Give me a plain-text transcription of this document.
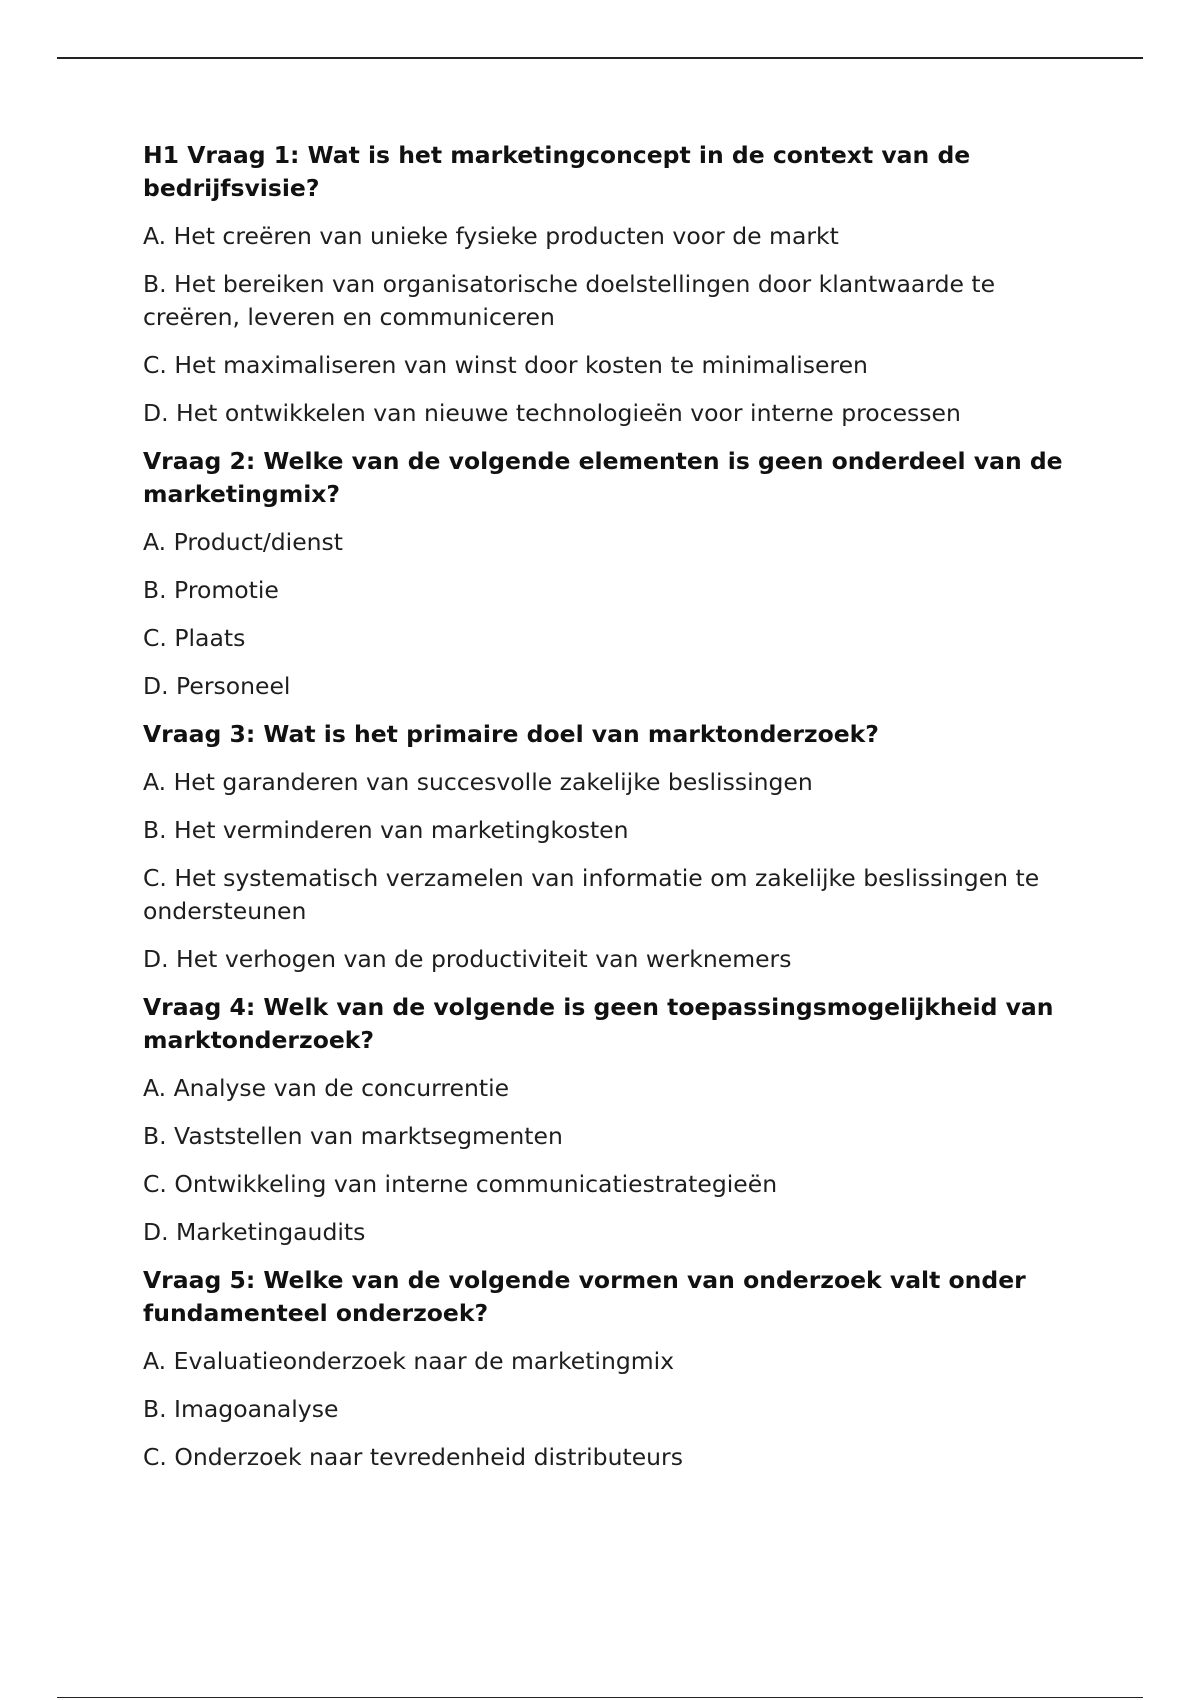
H1 Vraag 1: Wat is het marketingconcept in de context van de bedrijfsvisie?
A. Het creëren van unieke fysieke producten voor de markt
B. Het bereiken van organisatorische doelstellingen door klantwaarde te creëren, leveren en communiceren
C. Het maximaliseren van winst door kosten te minimaliseren
D. Het ontwikkelen van nieuwe technologieën voor interne processen
Vraag 2: Welke van de volgende elementen is geen onderdeel van de marketingmix?
A. Product/dienst
B. Promotie
C. Plaats
D. Personeel
Vraag 3: Wat is het primaire doel van marktonderzoek?
A. Het garanderen van succesvolle zakelijke beslissingen
B. Het verminderen van marketingkosten
C. Het systematisch verzamelen van informatie om zakelijke beslissingen te ondersteunen
D. Het verhogen van de productiviteit van werknemers
Vraag 4: Welk van de volgende is geen toepassingsmogelijkheid van marktonderzoek?
A. Analyse van de concurrentie
B. Vaststellen van marktsegmenten
C. Ontwikkeling van interne communicatiestrategieën
D. Marketingaudits
Vraag 5: Welke van de volgende vormen van onderzoek valt onder fundamenteel onderzoek?
A. Evaluatieonderzoek naar de marketingmix
B. Imagoanalyse
C. Onderzoek naar tevredenheid distributeurs
